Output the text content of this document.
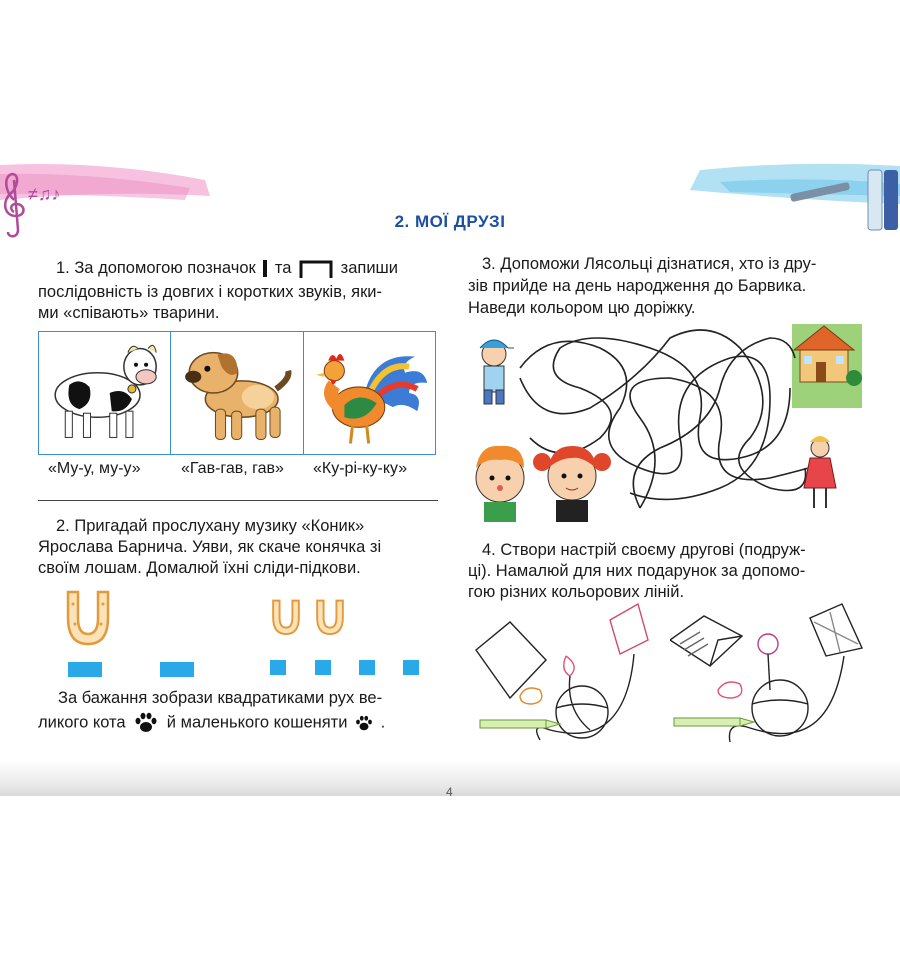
≠♫♪
2. МОЇ ДРУЗІ
1. За допомогою позначок та	запиши
послідовність із довгих і коротких звуків, яки-
ми «співають» тварини.
«Му-у, му-у»	«Гав-гав, гав» «Ку-рі-ку-ку»
2. Пригадай прослухану музику «Коник»
Ярослава Барнича. Уяви, як скаче конячка зі
своїм лошам. Домалюй їхні сліди-підкови.
За бажання зобрази квадратиками рух ве-
ликого кота й маленького кошеняти .
3. Допоможи Лясольці дізнатися, хто із дру-
зів прийде на день народження до Барвика.
Наведи кольором цю доріжку.
4. Створи настрій своєму другові (подруж-
ці). Намалюй для них подарунок за допомо-
гою різних кольорових ліній.
4
